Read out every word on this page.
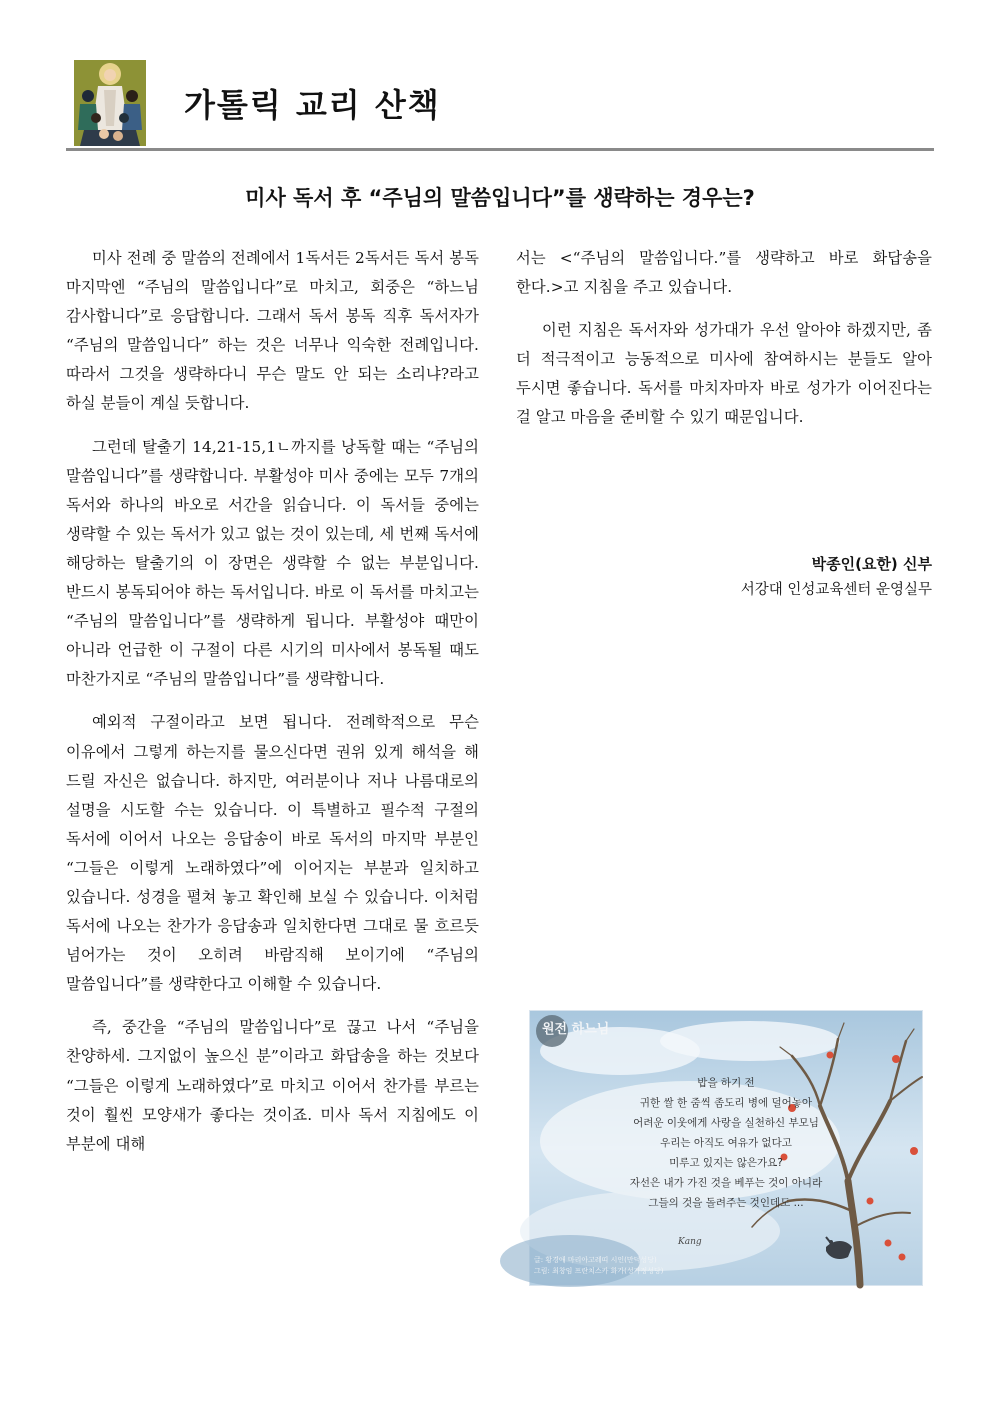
가톨릭 교리 산책
미사 독서 후 “주님의 말씀입니다”를 생략하는 경우는?

미사 전례 중 말씀의 전례에서 1독서든 2독서든 독서 봉독 마지막엔 “주님의 말씀입니다”로 마치고, 회중은 “하느님 감사합니다”로 응답합니다. 그래서 독서 봉독 직후 독서자가 “주님의 말씀입니다” 하는 것은 너무나 익숙한 전례입니다. 따라서 그것을 생략하다니 무슨 말도 안 되는 소리냐?라고 하실 분들이 계실 듯합니다.

그런데 탈출기 14,21-15,1ㄴ까지를 낭독할 때는 “주님의 말씀입니다”를 생략합니다. 부활성야 미사 중에는 모두 7개의 독서와 하나의 바오로 서간을 읽습니다. 이 독서들 중에는 생략할 수 있는 독서가 있고 없는 것이 있는데, 세 번째 독서에 해당하는 탈출기의 이 장면은 생략할 수 없는 부분입니다. 반드시 봉독되어야 하는 독서입니다. 바로 이 독서를 마치고는 “주님의 말씀입니다”를 생략하게 됩니다. 부활성야 때만이 아니라 언급한 이 구절이 다른 시기의 미사에서 봉독될 때도 마찬가지로 “주님의 말씀입니다”를 생략합니다.

예외적 구절이라고 보면 됩니다. 전례학적으로 무슨 이유에서 그렇게 하는지를 물으신다면 권위 있게 해석을 해 드릴 자신은 없습니다. 하지만, 여러분이나 저나 나름대로의 설명을 시도할 수는 있습니다. 이 특별하고 필수적 구절의 독서에 이어서 나오는 응답송이 바로 독서의 마지막 부분인 “그들은 이렇게 노래하였다”에 이어지는 부분과 일치하고 있습니다. 성경을 펼쳐 놓고 확인해 보실 수 있습니다. 이처럼 독서에 나오는 찬가가 응답송과 일치한다면 그대로 물 흐르듯 넘어가는 것이 오히려 바람직해 보이기에 “주님의 말씀입니다”를 생략한다고 이해할 수 있습니다.

즉, 중간을 “주님의 말씀입니다”로 끊고 나서 “주님을 찬양하세. 그지없이 높으신 분”이라고 화답송을 하는 것보다 “그들은 이렇게 노래하였다”로 마치고 이어서 찬가를 부르는 것이 훨씬 모양새가 좋다는 것이죠. 미사 독서 지침에도 이 부분에 대해

서는 <“주님의 말씀입니다.”를 생략하고 바로 화답송을 한다.>고 지침을 주고 있습니다.

이런 지침은 독서자와 성가대가 우선 알아야 하겠지만, 좀 더 적극적이고 능동적으로 미사에 참여하시는 분들도 알아 두시면 좋습니다. 독서를 마치자마자 바로 성가가 이어진다는 걸 알고 마음을 준비할 수 있기 때문입니다.

박종인(요한) 신부
서강대 인성교육센터 운영실무
원전 하느님
밥을 하기 전
귀한 쌀 한 줌씩 좀도리 병에 덜어놓아
어려운 이웃에게 사랑을 실천하신 부모님
우리는 아직도 여유가 없다고
미루고 있지는 않은가요?
자선은 내가 가진 것을 베푸는 것이 아니라
그들의 것을 돌려주는 것인데도 ...
Kang
글: 황경애 마리아고레띠 시인(만덕성당)
그림: 최창임 프란치스카 화가(성가정성당)
